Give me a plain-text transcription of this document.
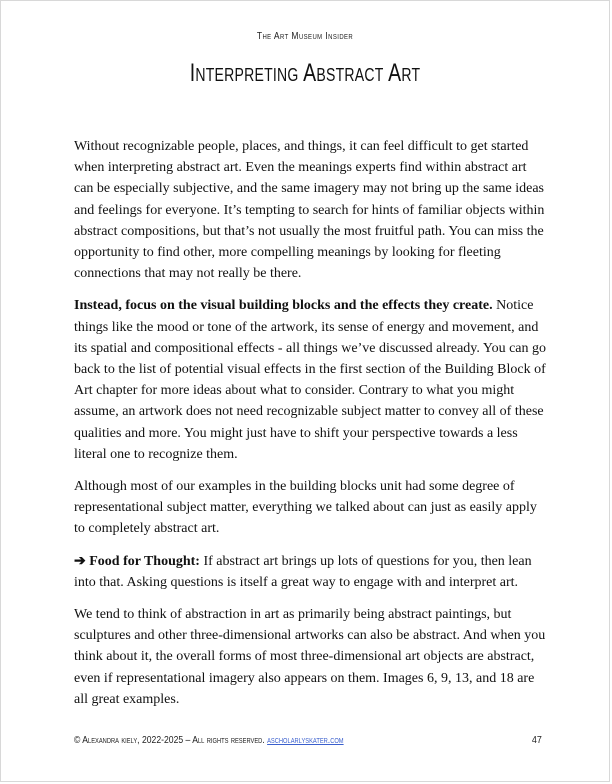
The Art Museum Insider
Interpreting Abstract Art

Without recognizable people, places, and things, it can feel difficult to get started when interpreting abstract art. Even the meanings experts find within abstract art can be especially subjective, and the same imagery may not bring up the same ideas and feelings for everyone. It’s tempting to search for hints of familiar objects within abstract compositions, but that’s not usually the most fruitful path. You can miss the opportunity to find other, more compelling meanings by looking for fleeting connections that may not really be there.

Instead, focus on the visual building blocks and the effects they create. Notice things like the mood or tone of the artwork, its sense of energy and movement, and its spatial and compositional effects - all things we’ve discussed already. You can go back to the list of potential visual effects in the first section of the Building Block of Art chapter for more ideas about what to consider. Contrary to what you might assume, an artwork does not need recognizable subject matter to convey all of these qualities and more. You might just have to shift your perspective towards a less literal one to recognize them.

Although most of our examples in the building blocks unit had some degree of representational subject matter, everything we talked about can just as easily apply to completely abstract art.

➔ Food for Thought: If abstract art brings up lots of questions for you, then lean into that. Asking questions is itself a great way to engage with and interpret art.

We tend to think of abstraction in art as primarily being abstract paintings, but sculptures and other three-dimensional artworks can also be abstract. And when you think about it, the overall forms of most three-dimensional art objects are abstract, even if representational imagery also appears on them. Images 6, 9, 13, and 18 are all great examples.

© Alexandra kiely, 2022-2025 – All rights reserved. ascholarlyskater.com	47
